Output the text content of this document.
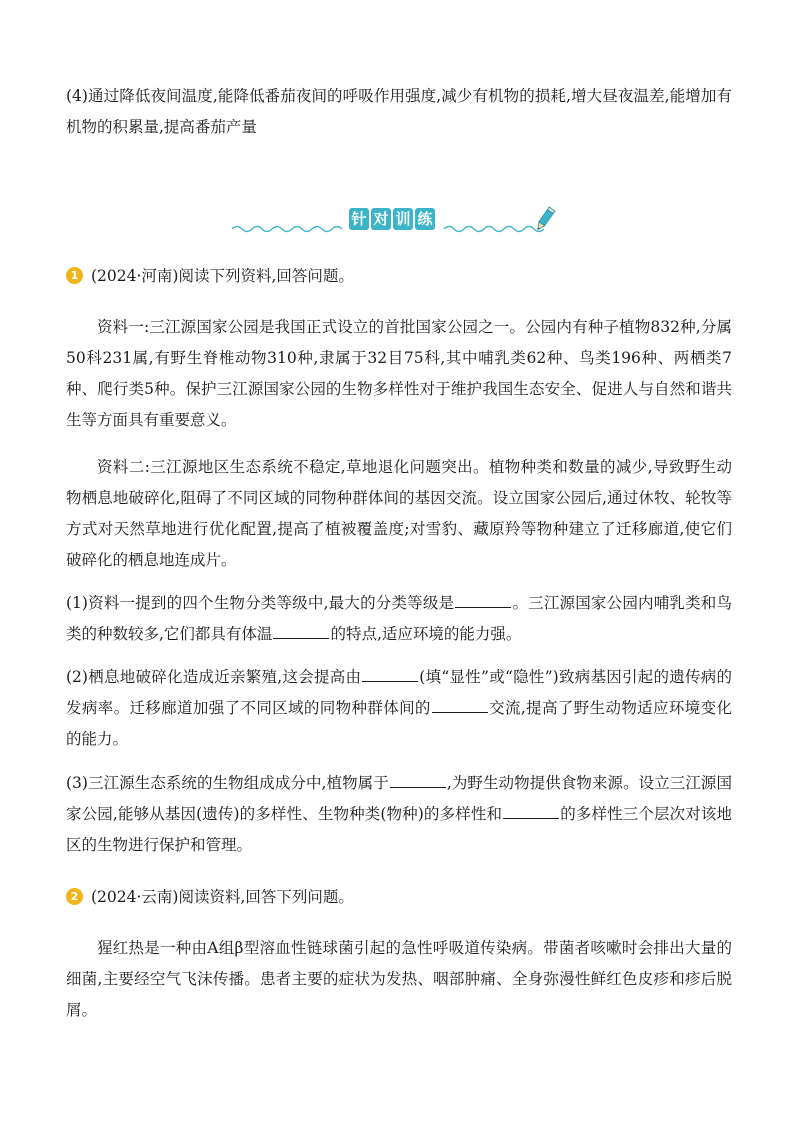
(4)通过降低夜间温度,能降低番茄夜间的呼吸作用强度,减少有机物的损耗,增大昼夜温差,能增加有机物的积累量,提高番茄产量

针 对 训 练

1 (2024·河南)阅读下列资料,回答问题。

资料一:三江源国家公园是我国正式设立的首批国家公园之一。公园内有种子植物832种,分属50科231属,有野生脊椎动物310种,隶属于32目75科,其中哺乳类62种、鸟类196种、两栖类7种、爬行类5种。保护三江源国家公园的生物多样性对于维护我国生态安全、促进人与自然和谐共生等方面具有重要意义。

资料二:三江源地区生态系统不稳定,草地退化问题突出。植物种类和数量的减少,导致野生动物栖息地破碎化,阻碍了不同区域的同物种群体间的基因交流。设立国家公园后,通过休牧、轮牧等方式对天然草地进行优化配置,提高了植被覆盖度;对雪豹、藏原羚等物种建立了迁移廊道,使它们破碎化的栖息地连成片。

(1)资料一提到的四个生物分类等级中,最大的分类等级是	。三江源国家公园内哺乳类和鸟类的种数较多,它们都具有体温	的特点,适应环境的能力强。

(2)栖息地破碎化造成近亲繁殖,这会提高由	(填“显性”或“隐性”)致病基因引起的遗传病的发病率。迁移廊道加强了不同区域的同物种群体间的	交流,提高了野生动物适应环境变化的能力。

(3)三江源生态系统的生物组成成分中,植物属于	,为野生动物提供食物来源。设立三江源国家公园,能够从基因(遗传)的多样性、生物种类(物种)的多样性和	的多样性三个层次对该地区的生物进行保护和管理。

2 (2024·云南)阅读资料,回答下列问题。

猩红热是一种由A组β型溶血性链球菌引起的急性呼吸道传染病。带菌者咳嗽时会排出大量的细菌,主要经空气飞沫传播。患者主要的症状为发热、咽部肿痛、全身弥漫性鲜红色皮疹和疹后脱屑。
